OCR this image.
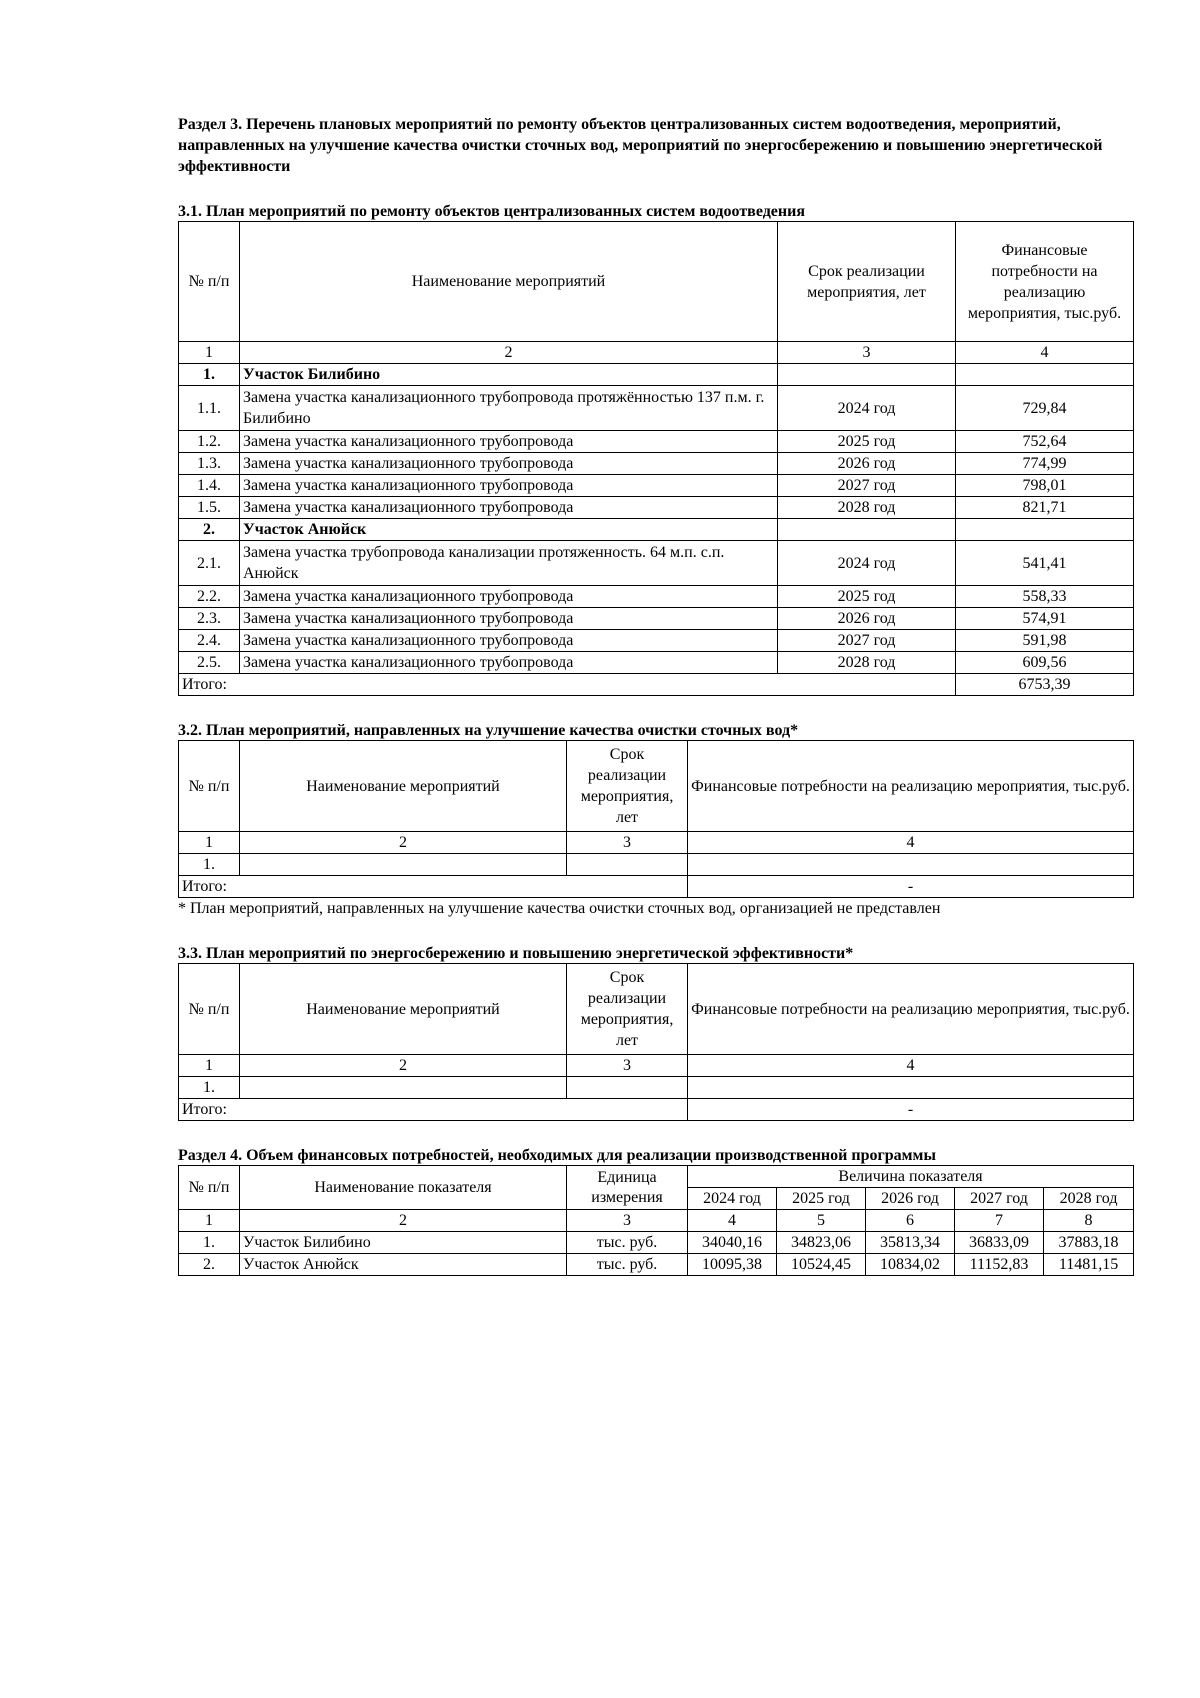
Раздел 3. Перечень плановых мероприятий по ремонту объектов централизованных систем водоотведения, мероприятий, направленных на улучшение качества очистки сточных вод, мероприятий по энергосбережению и повышению энергетической эффективности

3.1. План мероприятий по ремонту объектов централизованных систем водоотведения

№ п/п	Наименование мероприятий	Срок реализации мероприятия, лет	Финансовые потребности на реализацию мероприятия, тыс.руб.
1	2	3	4
1.	Участок Билибино		
1.1.	Замена участка канализационного трубопровода протяжённостью 137 п.м. г. Билибино	2024 год	729,84
1.2.	Замена участка канализационного трубопровода	2025 год	752,64
1.3.	Замена участка канализационного трубопровода	2026 год	774,99
1.4.	Замена участка канализационного трубопровода	2027 год	798,01
1.5.	Замена участка канализационного трубопровода	2028 год	821,71
2.	Участок Анюйск		
2.1.	Замена участка трубопровода канализации протяженность. 64 м.п. с.п. Анюйск	2024 год	541,41
2.2.	Замена участка канализационного трубопровода	2025 год	558,33
2.3.	Замена участка канализационного трубопровода	2026 год	574,91
2.4.	Замена участка канализационного трубопровода	2027 год	591,98
2.5.	Замена участка канализационного трубопровода	2028 год	609,56
Итого:			6753,39

3.2. План мероприятий, направленных на улучшение качества очистки сточных вод*

№ п/п	Наименование мероприятий	Срок реализации мероприятия, лет	Финансовые потребности на реализацию мероприятия, тыс.руб.
1	2	3	4
1.			
Итого:			-

* План мероприятий, направленных на улучшение качества очистки сточных вод, организацией не представлен

3.3. План мероприятий по энергосбережению и повышению энергетической эффективности*

№ п/п	Наименование мероприятий	Срок реализации мероприятия, лет	Финансовые потребности на реализацию мероприятия, тыс.руб.
1	2	3	4
1.			
Итого:			-

Раздел 4. Объем финансовых потребностей, необходимых для реализации производственной программы

№ п/п	Наименование показателя	Единица измерения	Величина показателя				
			2024 год	2025 год	2026 год	2027 год	2028 год
1	2	3	4	5	6	7	8
1.	Участок Билибино	тыс. руб.	34040,16	34823,06	35813,34	36833,09	37883,18
2.	Участок Анюйск	тыс. руб.	10095,38	10524,45	10834,02	11152,83	11481,15
